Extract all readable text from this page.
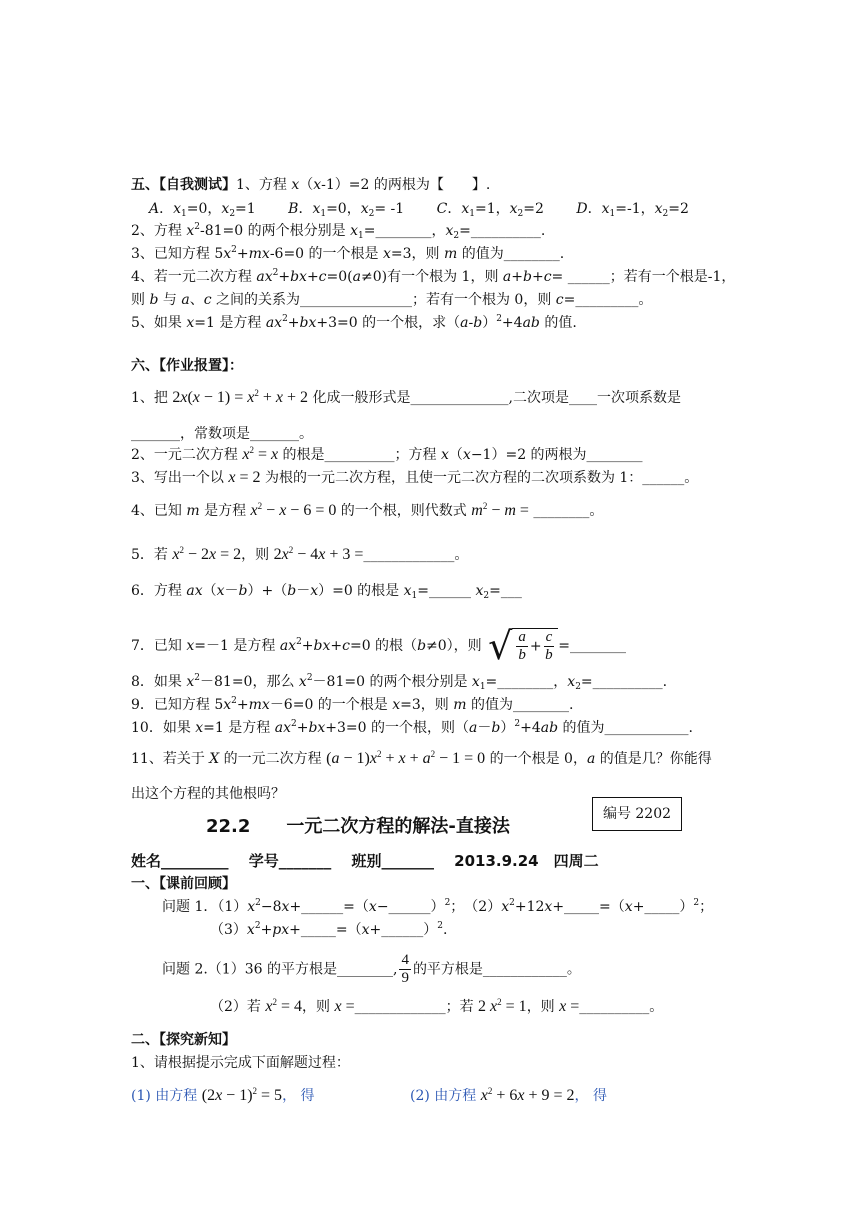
五、【自我测试】1、方程 x（x-1）=2 的两根为【　　】.
A．$x_1=0$，$x_2=1$　　 B．$x_1=0$，$x_2= -1$　　 C．$x_1=1$，$x_2=2$　　 D．$x_1=-1$，$x_2=2$
2、方程 $x^2-81=0$ 的两个根分别是 $x_1=\_\_\_\_\_\_\_\_$，$x_2=\_\_\_\_\_\_\_\_\_\_$.
3、已知方程 $5x^2+mx-6=0$ 的一个根是 x=3，则 m 的值为________.
4、若一元二次方程 $ax^2+bx+c=0(a\ne 0)$有一个根为 1，则 a+b+c= ______；若有一个根是-1，
则 b 与 a、c 之间的关系为________________；若有一个根为 0，则 c=_________。
5、如果 x=1 是方程 $ax^2+bx+3=0$ 的一个根，求$(a-b)^2+4ab$ 的值.
六、【作业报置】：
1、把 $2x(x - 1) = x^2 + x + 2$ 化成一般形式是______________,二次项是____一次项系数是
_______，常数项是_______。
2、一元二次方程 $x^2 = x$ 的根是__________；方程 x（x−1）=2 的两根为________
3、写出一个以 x = 2 为根的一元二次方程，且使一元二次方程的二次项系数为 1：______。
4、已知 m 是方程 $x^2 - x - 6 = 0$ 的一个根，则代数式 $m^2 - m$ = ________。
5．若 $x^2 - 2x = 2$，则 $2x^2 - 4x + 3$ =_____________。
6．方程 ax（x－b）+（b－x）=0 的根是 $x_1=\_\_\_\_\_\_$ $x_2=\_\_\_$
7．已知 x=－1 是方程 $ax^2+bx+c=0$ 的根（b≠0），则 √ $\frac{a}{b} + \frac{c}{b}$ =________
8．如果 $x^2-81=0$，那么 $x^2-81=0$ 的两个根分别是 $x_1=\_\_\_\_\_\_\_\_$，$x_2=\_\_\_\_\_\_\_\_\_\_$.
9．已知方程 $5x^2+mx-6=0$ 的一个根是 x=3，则 m 的值为________.
10．如果 x=1 是方程 $ax^2+bx+3=0$ 的一个根，则$(a-b)^2+4ab$ 的值为____________.
11、若关于 X 的一元二次方程 $(a - 1)x^2 + x + a^2 - 1 = 0$ 的一个根是 0，a 的值是几？你能得
出这个方程的其他根吗？
编号 2202
22.2　　一元二次方程的解法-直接法
姓名_________　 学号_______　 班别_______　 2013.9.24　四周二
一、【课前回顾】
问题 1．$(1)x^2-8x+\_\_\_\_\_\_=(x-\_\_\_\_\_\_)^2$；　$(2)x^2+12x+\_\_\_\_\_=(x+\_\_\_\_\_)^2$；
$(3)x^2+px+\_\_\_\_\_=(x+\_\_\_\_\_\_)^2$.
问题 2.（1）36 的平方根是________, $\frac{4}{9}$ 的平方根是____________。
（2）若 $x^2 = 4$，则 x =_____________；若 2 $x^2 = 1$，则 x =__________。
二、【探究新知】
1、请根据提示完成下面解题过程：
(1) 由方程 $(2x - 1)^2 = 5$， 得	(2) 由方程 $x^2 + 6x + 9 = 2$， 得
